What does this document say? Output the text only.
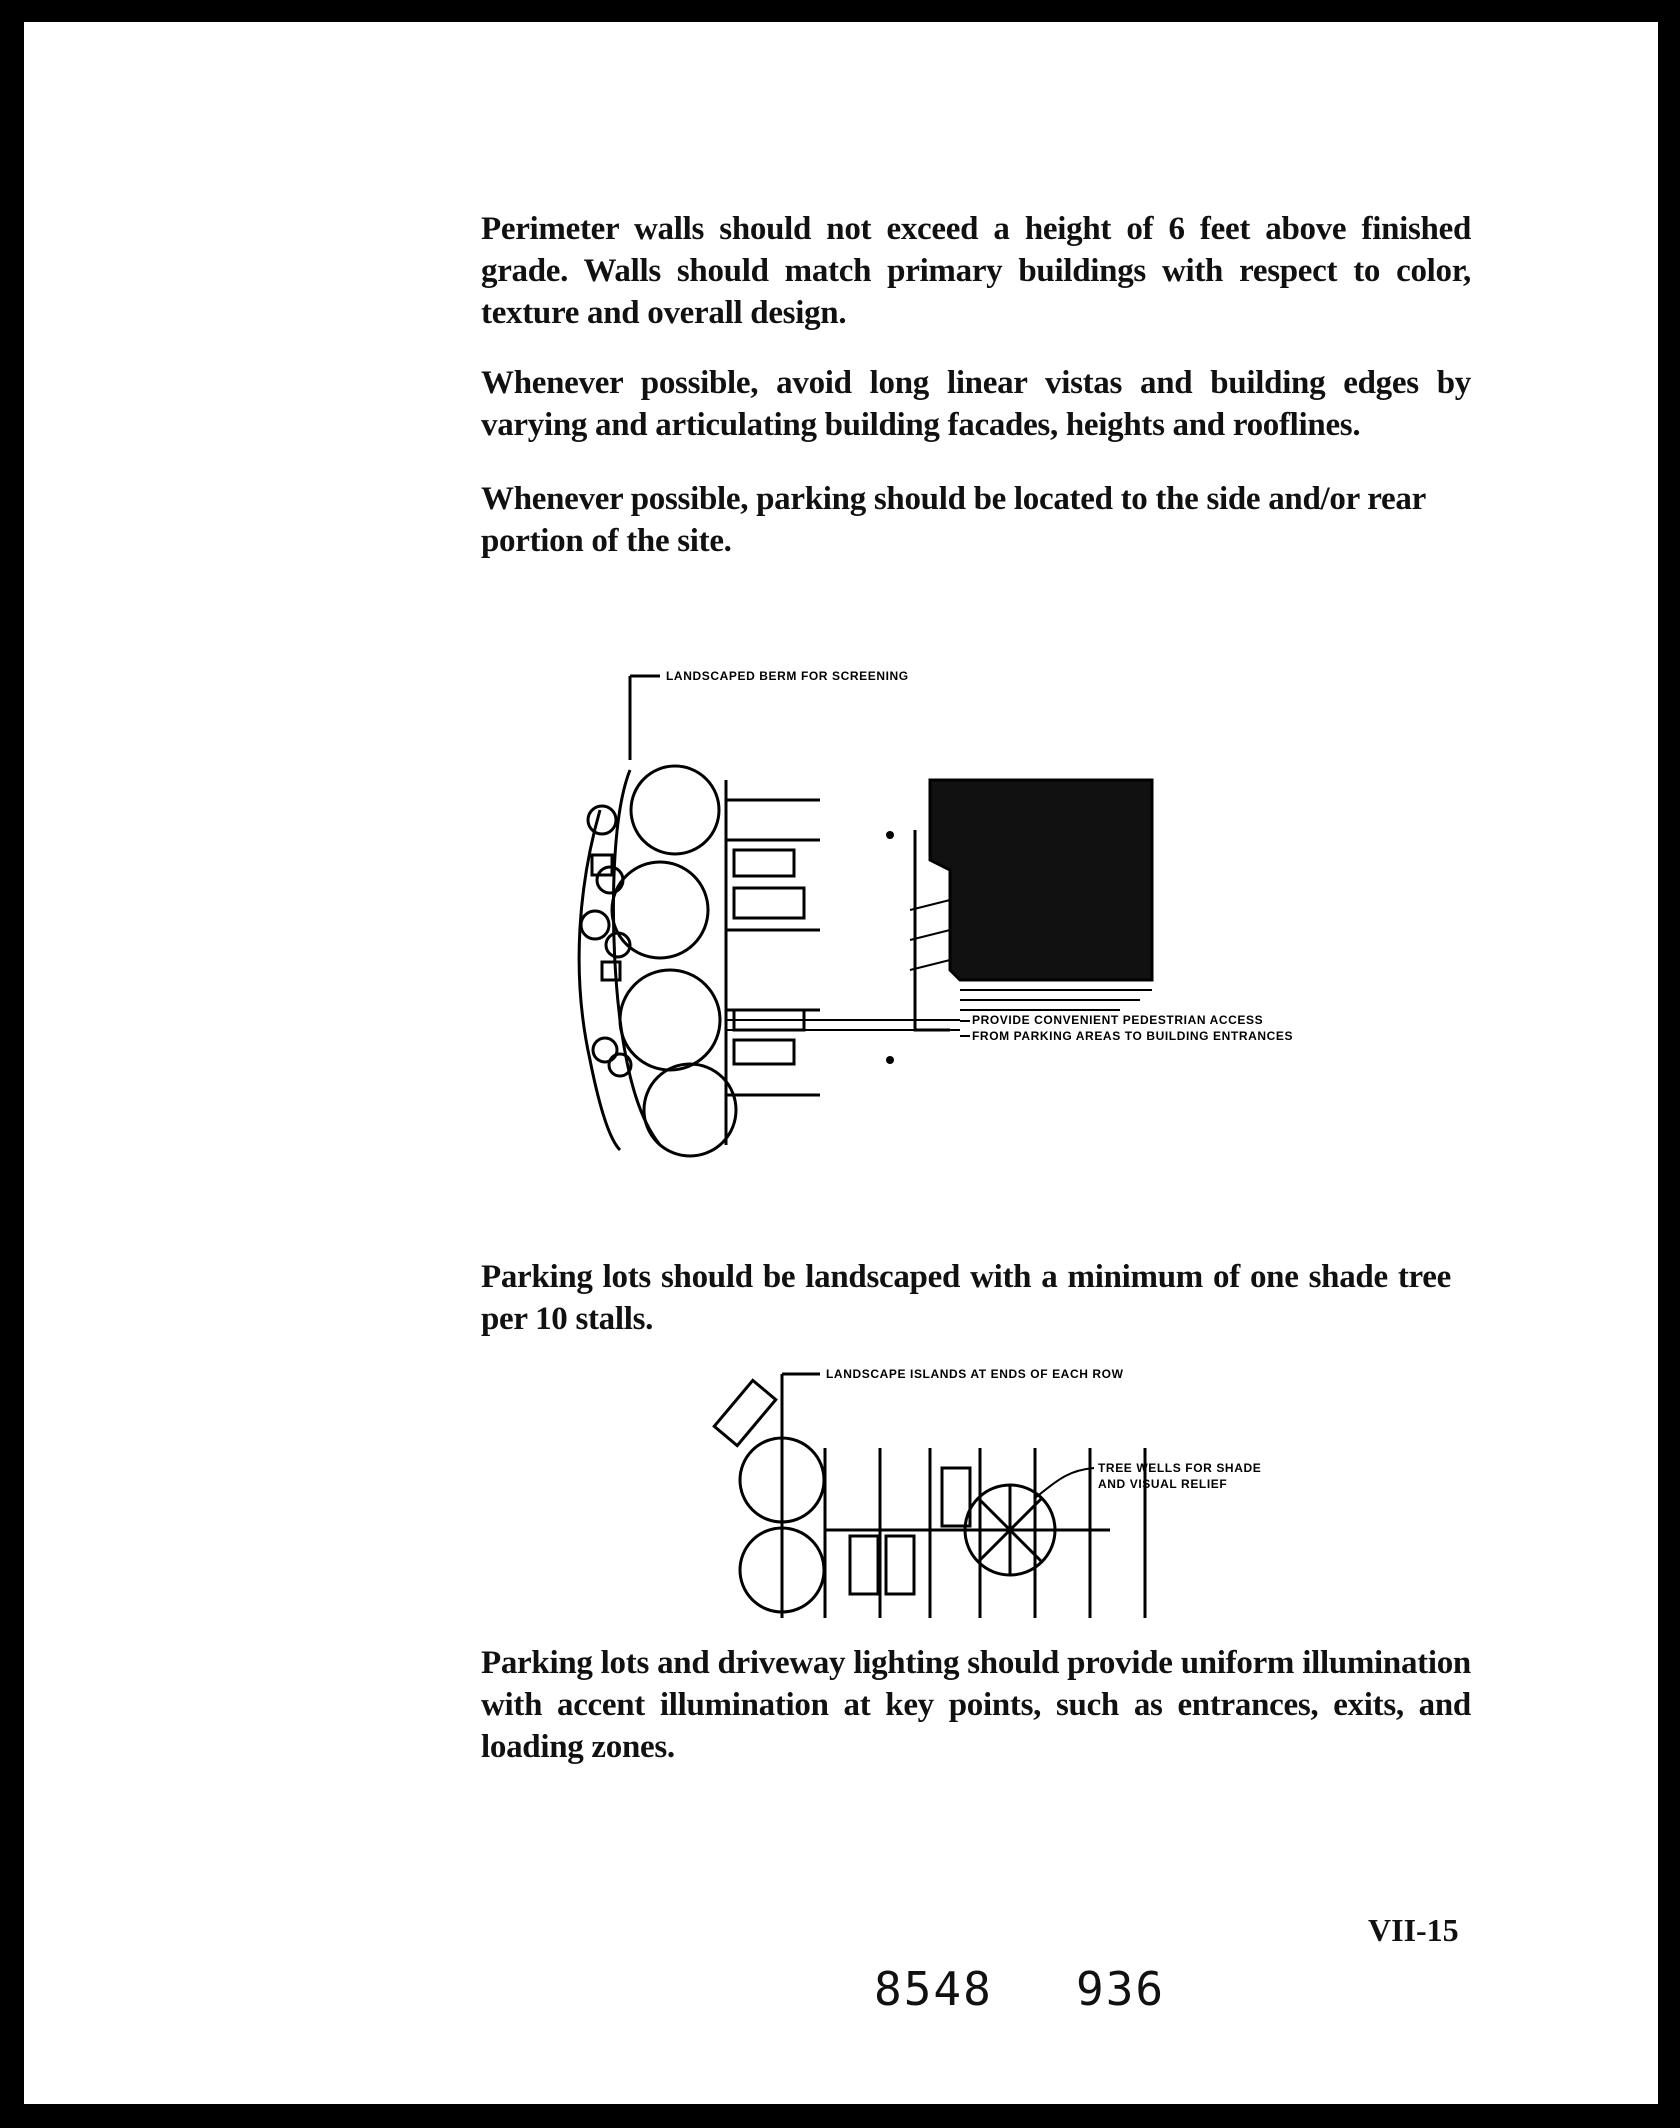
Perimeter walls should not exceed a height of 6 feet above finished grade. Walls should match primary buildings with respect to color, texture and overall design.
Whenever possible, avoid long linear vistas and building edges by varying and articulating building facades, heights and rooflines.
Whenever possible, parking should be located to the side and/or rear portion of the site.
LANDSCAPED BERM FOR SCREENING
PROVIDE CONVENIENT PEDESTRIAN ACCESS
FROM PARKING AREAS TO BUILDING ENTRANCES
Parking lots should be landscaped with a minimum of one shade tree per 10 stalls.
LANDSCAPE ISLANDS AT ENDS OF EACH ROW
TREE WELLS FOR SHADE
AND VISUAL RELIEF
Parking lots and driveway lighting should provide uniform illumination with accent illumination at key points, such as entrances, exits, and loading zones.
VII-15
8548 936
